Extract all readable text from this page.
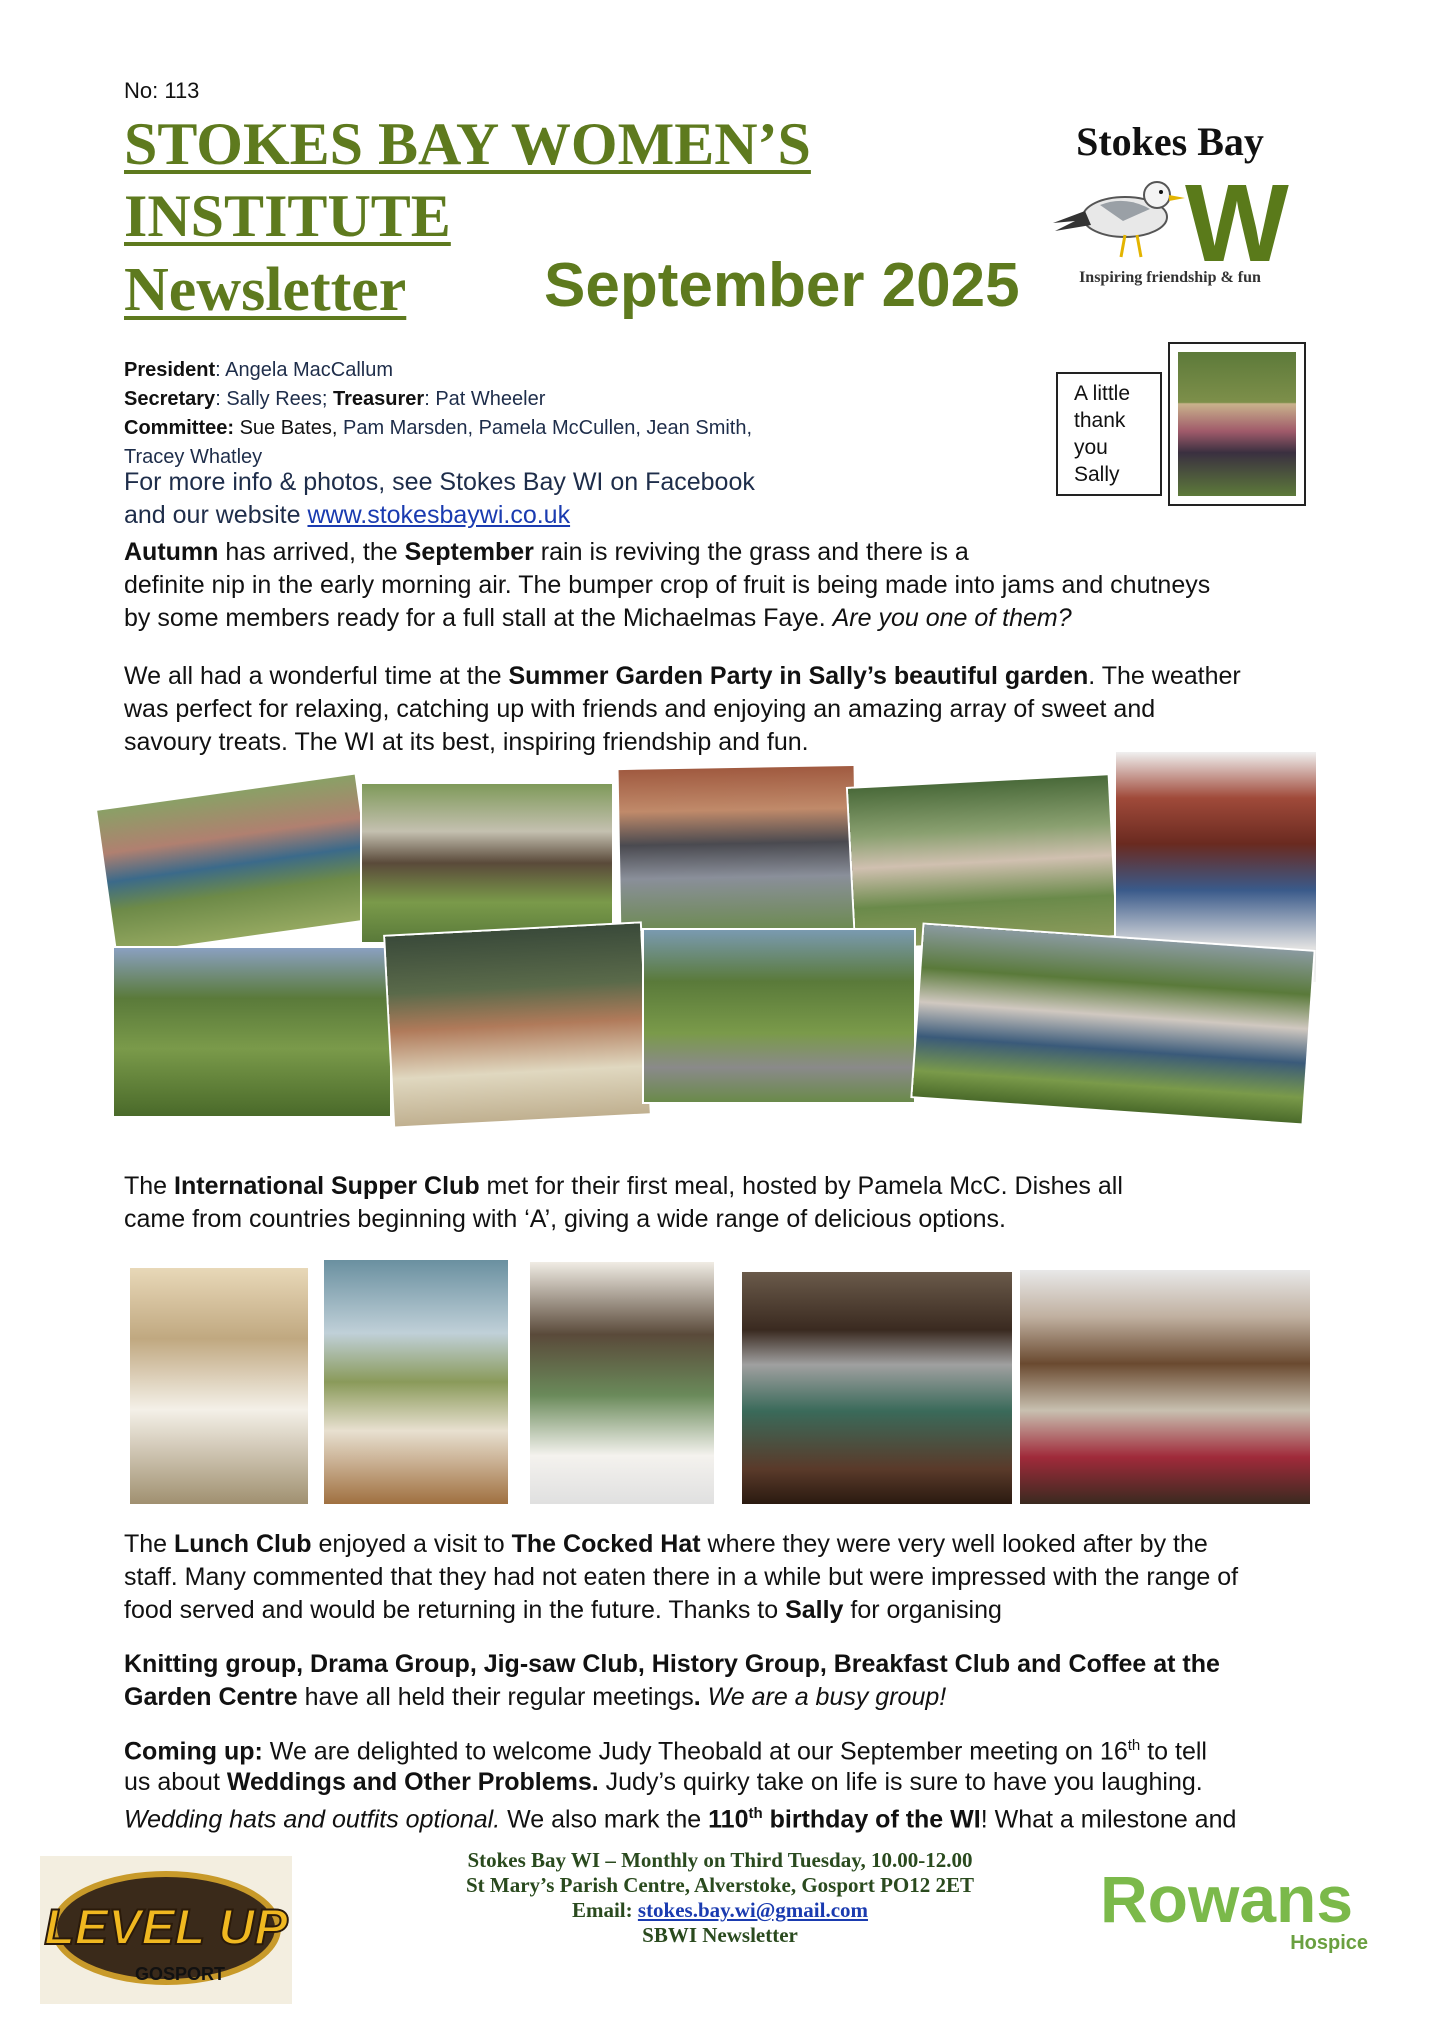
No: 113
STOKES BAY WOMEN’S
INSTITUTE
Newsletter	September 2025
Stokes Bay
W
Inspiring friendship & fun
President: Angela MacCallum
Secretary: Sally Rees; Treasurer: Pat Wheeler
Committee: Sue Bates, Pam Marsden, Pamela McCullen, Jean Smith,
Tracey Whatley
For more info & photos, see Stokes Bay WI on Facebook
and our website www.stokesbaywi.co.uk
A little
thank
you
Sally
Autumn has arrived, the September rain is reviving the grass and there is a
definite nip in the early morning air. The bumper crop of fruit is being made into jams and chutneys
by some members ready for a full stall at the Michaelmas Faye. Are you one of them?
We all had a wonderful time at the Summer Garden Party in Sally’s beautiful garden. The weather
was perfect for relaxing, catching up with friends and enjoying an amazing array of sweet and
savoury treats. The WI at its best, inspiring friendship and fun.
The International Supper Club met for their first meal, hosted by Pamela McC. Dishes all
came from countries beginning with ‘A’, giving a wide range of delicious options.
The Lunch Club enjoyed a visit to The Cocked Hat where they were very well looked after by the
staff. Many commented that they had not eaten there in a while but were impressed with the range of
food served and would be returning in the future. Thanks to Sally for organising
Knitting group, Drama Group, Jig-saw Club, History Group, Breakfast Club and Coffee at the
Garden Centre have all held their regular meetings. We are a busy group!
Coming up: We are delighted to welcome Judy Theobald at our September meeting on 16th to tell
us about Weddings and Other Problems. Judy’s quirky take on life is sure to have you laughing.
Wedding hats and outfits optional. We also mark the 110th birthday of the WI! What a milestone and
LEVEL UP
GOSPORT
Stokes Bay WI – Monthly on Third Tuesday, 10.00-12.00
St Mary’s Parish Centre, Alverstoke, Gosport PO12 2ET
Email: stokes.bay.wi@gmail.com
SBWI Newsletter	Rowans
Hospice
